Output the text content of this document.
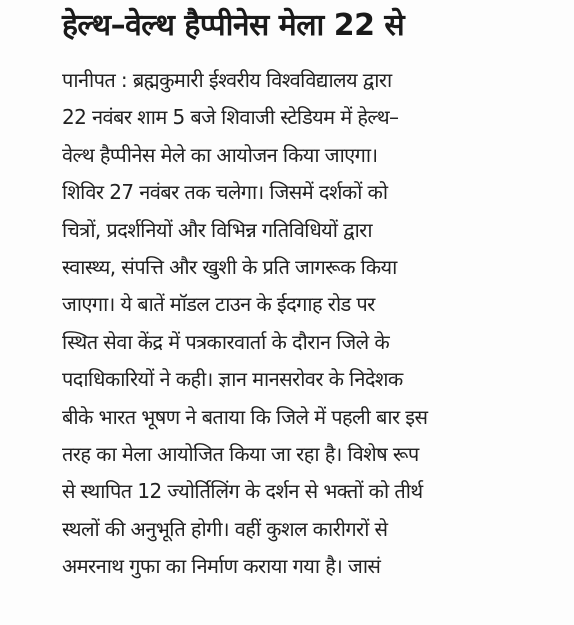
हेल्थ–वेल्थ हैप्पीनेस मेला 22 से
पानीपत : ब्रह्मकुमारी ईश्वरीय विश्वविद्यालय द्वारा
22 नवंबर शाम 5 बजे शिवाजी स्टेडियम में हेल्थ–
वेल्थ हैप्पीनेस मेले का आयोजन किया जाएगा।
शिविर 27 नवंबर तक चलेगा। जिसमें दर्शकों को
चित्रों, प्रदर्शनियों और विभिन्न गतिविधियों द्वारा
स्वास्थ्य, संपत्ति और खुशी के प्रति जागरूक किया
जाएगा। ये बातें मॉडल टाउन के ईदगाह रोड पर
स्थित सेवा केंद्र में पत्रकारवार्ता के दौरान जिले के
पदाधिकारियों ने कही। ज्ञान मानसरोवर के निदेशक
बीके भारत भूषण ने बताया कि जिले में पहली बार इस
तरह का मेला आयोजित किया जा रहा है। विशेष रूप
से स्थापित 12 ज्योर्तिलिंग के दर्शन से भक्तों को तीर्थ
स्थलों की अनुभूति होगी। वहीं कुशल कारीगरों से
अमरनाथ गुफा का निर्माण कराया गया है। जासं
